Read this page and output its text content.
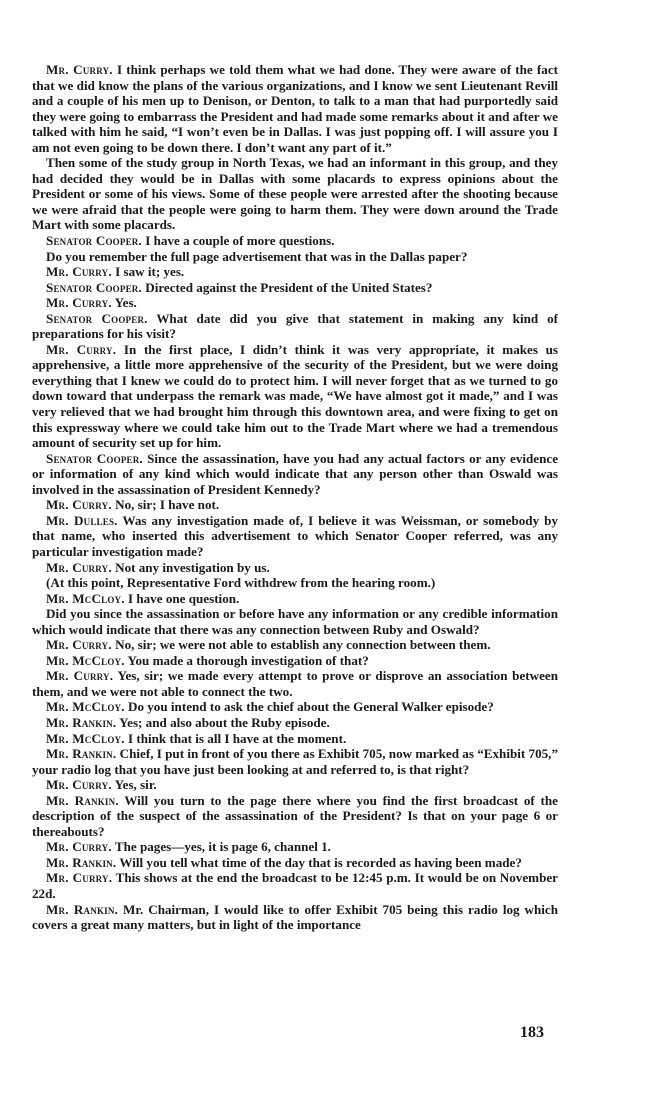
Mr. Curry. I think perhaps we told them what we had done. They were aware of the fact that we did know the plans of the various organizations, and I know we sent Lieutenant Revill and a couple of his men up to Denison, or Denton, to talk to a man that had purportedly said they were going to embarrass the President and had made some remarks about it and after we talked with him he said, “I won’t even be in Dallas. I was just popping off. I will assure you I am not even going to be down there. I don’t want any part of it.”

Then some of the study group in North Texas, we had an informant in this group, and they had decided they would be in Dallas with some placards to express opinions about the President or some of his views. Some of these people were arrested after the shooting because we were afraid that the people were going to harm them. They were down around the Trade Mart with some placards.

Senator Cooper. I have a couple of more questions.

Do you remember the full page advertisement that was in the Dallas paper?

Mr. Curry. I saw it; yes.

Senator Cooper. Directed against the President of the United States?

Mr. Curry. Yes.

Senator Cooper. What date did you give that statement in making any kind of preparations for his visit?

Mr. Curry. In the first place, I didn’t think it was very appropriate, it makes us apprehensive, a little more apprehensive of the security of the President, but we were doing everything that I knew we could do to protect him. I will never forget that as we turned to go down toward that underpass the remark was made, “We have almost got it made,” and I was very relieved that we had brought him through this downtown area, and were fixing to get on this expressway where we could take him out to the Trade Mart where we had a tremendous amount of security set up for him.

Senator Cooper. Since the assassination, have you had any actual factors or any evidence or information of any kind which would indicate that any person other than Oswald was involved in the assassination of President Kennedy?

Mr. Curry. No, sir; I have not.

Mr. Dulles. Was any investigation made of, I believe it was Weissman, or somebody by that name, who inserted this advertisement to which Senator Cooper referred, was any particular investigation made?

Mr. Curry. Not any investigation by us.

(At this point, Representative Ford withdrew from the hearing room.)

Mr. McCloy. I have one question.

Did you since the assassination or before have any information or any credible information which would indicate that there was any connection between Ruby and Oswald?

Mr. Curry. No, sir; we were not able to establish any connection between them.

Mr. McCloy. You made a thorough investigation of that?

Mr. Curry. Yes, sir; we made every attempt to prove or disprove an association between them, and we were not able to connect the two.

Mr. McCloy. Do you intend to ask the chief about the General Walker episode?

Mr. Rankin. Yes; and also about the Ruby episode.

Mr. McCloy. I think that is all I have at the moment.

Mr. Rankin. Chief, I put in front of you there as Exhibit 705, now marked as “Exhibit 705,” your radio log that you have just been looking at and referred to, is that right?

Mr. Curry. Yes, sir.

Mr. Rankin. Will you turn to the page there where you find the first broadcast of the description of the suspect of the assassination of the President? Is that on your page 6 or thereabouts?

Mr. Curry. The pages—yes, it is page 6, channel 1.

Mr. Rankin. Will you tell what time of the day that is recorded as having been made?

Mr. Curry. This shows at the end the broadcast to be 12:45 p.m. It would be on November 22d.

Mr. Rankin. Mr. Chairman, I would like to offer Exhibit 705 being this radio log which covers a great many matters, but in light of the importance

183
